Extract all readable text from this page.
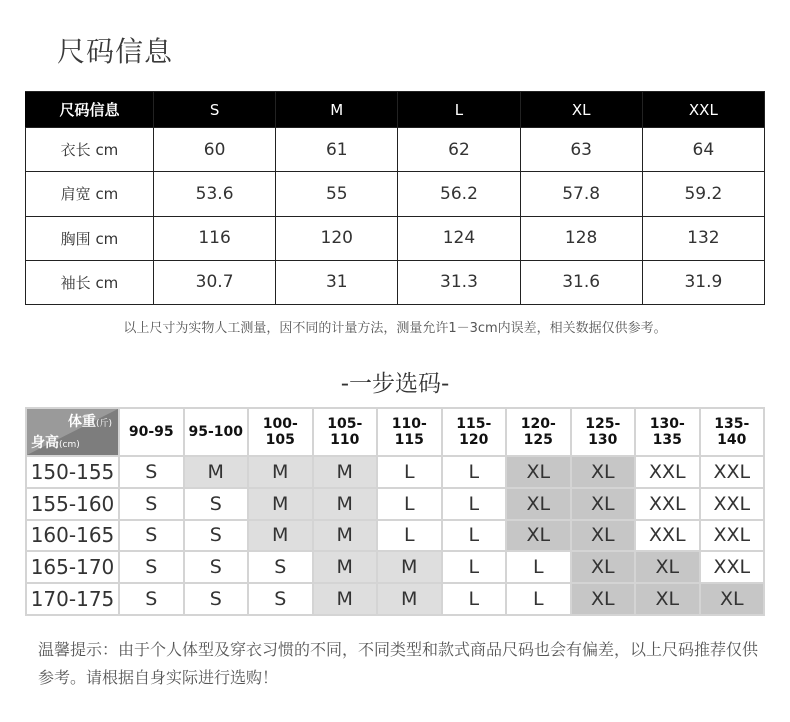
尺码信息
尺码信息	S	M	L	XL	XXL
衣长 cm	60	61	62	63	64
肩宽 cm	53.6	55	56.2	57.8	59.2
胸围 cm	116	120	124	128	132
袖长 cm	30.7	31	31.3	31.6	31.9
以上尺寸为实物人工测量，因不同的计量方法，测量允许1－3cm内误差，相关数据仅供参考。
-一步选码-
体重(斤)
身高(cm)	90-95	95-100	100-105	105-110	110-115	115-120	120-125	125-130	130-135	135-140
150-155	S	M	M	M	L	L	XL	XL	XXL	XXL
155-160	S	S	M	M	L	L	XL	XL	XXL	XXL
160-165	S	S	M	M	L	L	XL	XL	XXL	XXL
165-170	S	S	S	M	M	L	L	XL	XL	XXL
170-175	S	S	S	M	M	L	L	XL	XL	XL
温馨提示：由于个人体型及穿衣习惯的不同，不同类型和款式商品尺码也会有偏差，以上尺码推荐仅供参考。请根据自身实际进行选购！
